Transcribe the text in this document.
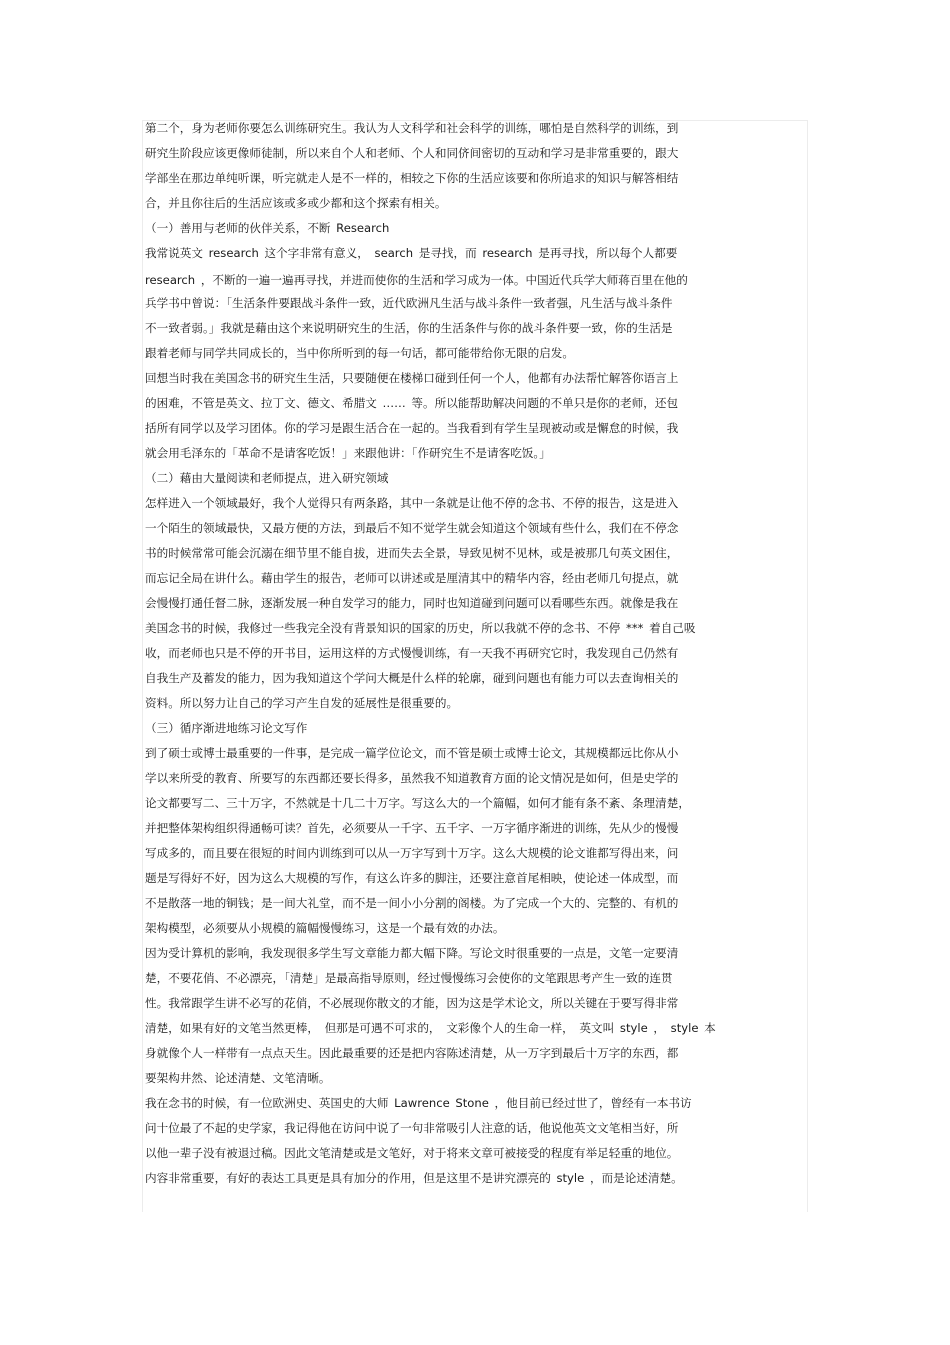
第二个，身为老师你要怎么训练研究生。我认为人文科学和社会科学的训练，哪怕是自然科学的训练，到
研究生阶段应该更像师徒制，所以来自个人和老师、个人和同侪间密切的互动和学习是非常重要的，跟大
学部坐在那边单纯听课，听完就走人是不一样的，相较之下你的生活应该要和你所追求的知识与解答相结
合，并且你往后的生活应该或多或少都和这个探索有相关。
（一）善用与老师的伙伴关系，不断 Research
我常说英文 research 这个字非常有意义， search 是寻找，而 research 是再寻找，所以每个人都要
research ，不断的一遍一遍再寻找，并进而使你的生活和学习成为一体。中国近代兵学大师蒋百里在他的
兵学书中曾说：「生活条件要跟战斗条件一致，近代欧洲凡生活与战斗条件一致者强，凡生活与战斗条件
不一致者弱。」我就是藉由这个来说明研究生的生活，你的生活条件与你的战斗条件要一致，你的生活是
跟着老师与同学共同成长的，当中你所听到的每一句话，都可能带给你无限的启发。
回想当时我在美国念书的研究生生活，只要随便在楼梯口碰到任何一个人，他都有办法帮忙解答你语言上
的困难，不管是英文、拉丁文、德文、希腊文 …… 等。所以能帮助解决问题的不单只是你的老师，还包
括所有同学以及学习团体。你的学习是跟生活合在一起的。当我看到有学生呈现被动或是懈怠的时候，我
就会用毛泽东的「革命不是请客吃饭！」来跟他讲：「作研究生不是请客吃饭。」
（二）藉由大量阅读和老师提点，进入研究领域
怎样进入一个领域最好，我个人觉得只有两条路，其中一条就是让他不停的念书、不停的报告，这是进入
一个陌生的领域最快，又最方便的方法，到最后不知不觉学生就会知道这个领域有些什么，我们在不停念
书的时候常常可能会沉溺在细节里不能自拔，进而失去全景，导致见树不见林，或是被那几句英文困住，
而忘记全局在讲什么。藉由学生的报告，老师可以讲述或是厘清其中的精华内容，经由老师几句提点，就
会慢慢打通任督二脉，逐渐发展一种自发学习的能力，同时也知道碰到问题可以看哪些东西。就像是我在
美国念书的时候，我修过一些我完全没有背景知识的国家的历史，所以我就不停的念书、不停 *** 着自己吸
收，而老师也只是不停的开书目，运用这样的方式慢慢训练，有一天我不再研究它时，我发现自己仍然有
自我生产及蓄发的能力，因为我知道这个学问大概是什么样的轮廓，碰到问题也有能力可以去查询相关的
资料。所以努力让自己的学习产生自发的延展性是很重要的。
（三）循序渐进地练习论文写作
到了硕士或博士最重要的一件事，是完成一篇学位论文，而不管是硕士或博士论文，其规模都远比你从小
学以来所受的教育、所要写的东西都还要长得多，虽然我不知道教育方面的论文情况是如何，但是史学的
论文都要写二、三十万字，不然就是十几二十万字。写这么大的一个篇幅，如何才能有条不紊、条理清楚，
并把整体架构组织得通畅可读？首先，必须要从一千字、五千字、一万字循序渐进的训练，先从少的慢慢
写成多的，而且要在很短的时间内训练到可以从一万字写到十万字。这么大规模的论文谁都写得出来，问
题是写得好不好，因为这么大规模的写作，有这么许多的脚注，还要注意首尾相映，使论述一体成型，而
不是散落一地的铜钱；是一间大礼堂，而不是一间小小分割的阁楼。为了完成一个大的、完整的、有机的
架构模型，必须要从小规模的篇幅慢慢练习，这是一个最有效的办法。
因为受计算机的影响，我发现很多学生写文章能力都大幅下降。写论文时很重要的一点是，文笔一定要清
楚，不要花俏、不必漂亮，「清楚」是最高指导原则，经过慢慢练习会使你的文笔跟思考产生一致的连贯
性。我常跟学生讲不必写的花俏，不必展现你散文的才能，因为这是学术论文，所以关键在于要写得非常
清楚，如果有好的文笔当然更棒， 但那是可遇不可求的， 文彩像个人的生命一样， 英文叫 style ， style 本
身就像个人一样带有一点点天生。因此最重要的还是把内容陈述清楚，从一万字到最后十万字的东西，都
要架构井然、论述清楚、文笔清晰。
我在念书的时候，有一位欧洲史、英国史的大师 Lawrence Stone ，他目前已经过世了，曾经有一本书访
问十位最了不起的史学家，我记得他在访问中说了一句非常吸引人注意的话，他说他英文文笔相当好，所
以他一辈子没有被退过稿。因此文笔清楚或是文笔好，对于将来文章可被接受的程度有举足轻重的地位。
内容非常重要，有好的表达工具更是具有加分的作用，但是这里不是讲究漂亮的 style ，而是论述清楚。
